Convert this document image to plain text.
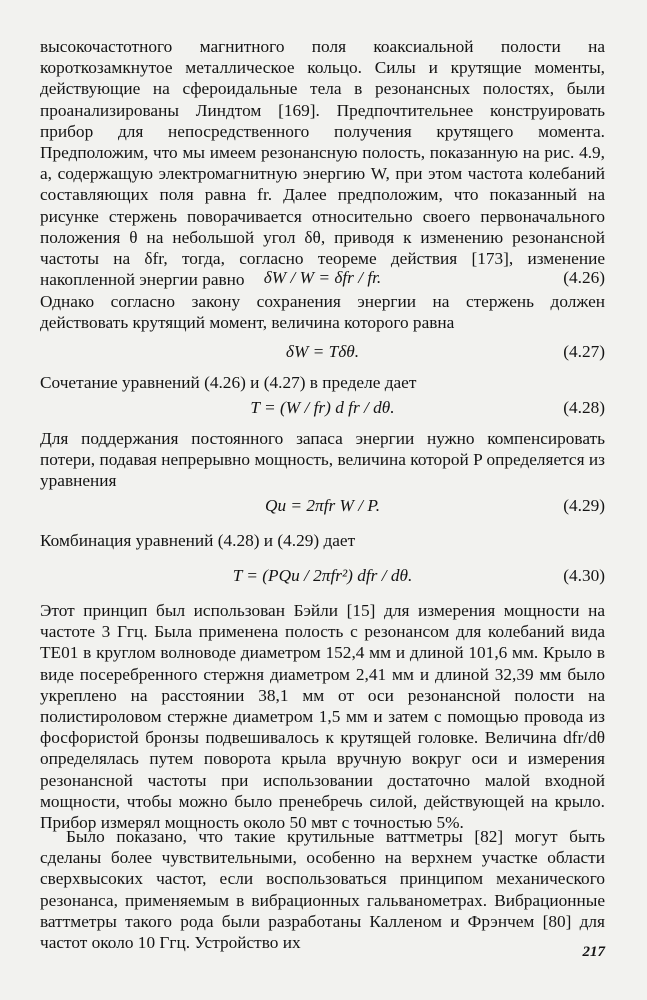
высокочастотного магнитного поля коаксиальной полости на короткозамкнутое металлическое кольцо. Силы и крутящие моменты, действующие на сфероидальные тела в резонансных полостях, были проанализированы Линдтом [169]. Предпочтительнее конструировать прибор для непосредственного получения крутящего момента. Предположим, что мы имеем резонансную полость, показанную на рис. 4.9, а, содержащую электромагнитную энергию W, при этом частота колебаний составляющих поля равна fr. Далее предположим, что показанный на рисунке стержень поворачивается относительно своего первоначального положения θ на небольшой угол δθ, приводя к изменению резонансной частоты на δfr, тогда, согласно теореме действия [173], изменение накопленной энергии равно	δW / W = δfr / fr.	(4.26)

Однако согласно закону сохранения энергии на стержень должен действовать крутящий момент, величина которого равна

δW = Tδθ.	(4.27)

Сочетание уравнений (4.26) и (4.27) в пределе дает

T = (W / fr) d fr / dθ.	(4.28)

Для поддержания постоянного запаса энергии нужно компенсировать потери, подавая непрерывно мощность, величина которой P определяется из уравнения

Qu = 2πfr W / P.	(4.29)

Комбинация уравнений (4.28) и (4.29) дает

T = (PQu / 2πfr²) dfr / dθ.	(4.30)

Этот принцип был использован Бэйли [15] для измерения мощности на частоте 3 Ггц. Была применена полость с резонансом для колебаний вида TE01 в круглом волноводе диаметром 152,4 мм и длиной 101,6 мм. Крыло в виде посеребренного стержня диаметром 2,41 мм и длиной 32,39 мм было укреплено на расстоянии 38,1 мм от оси резонансной полости на полистироловом стержне диаметром 1,5 мм и затем с помощью провода из фосфористой бронзы подвешивалось к крутящей головке. Величина dfr/dθ определялась путем поворота крыла вручную вокруг оси и измерения резонансной частоты при использовании достаточно малой входной мощности, чтобы можно было пренебречь силой, действующей на крыло. Прибор измерял мощность около 50 мвт с точностью 5%.

Было показано, что такие крутильные ваттметры [82] могут быть сделаны более чувствительными, особенно на верхнем участке области сверхвысоких частот, если воспользоваться принципом механического резонанса, применяемым в вибрационных гальванометрах. Вибрационные ваттметры такого рода были разработаны Калленом и Фрэнчем [80] для частот около 10 Ггц. Устройство их	217
